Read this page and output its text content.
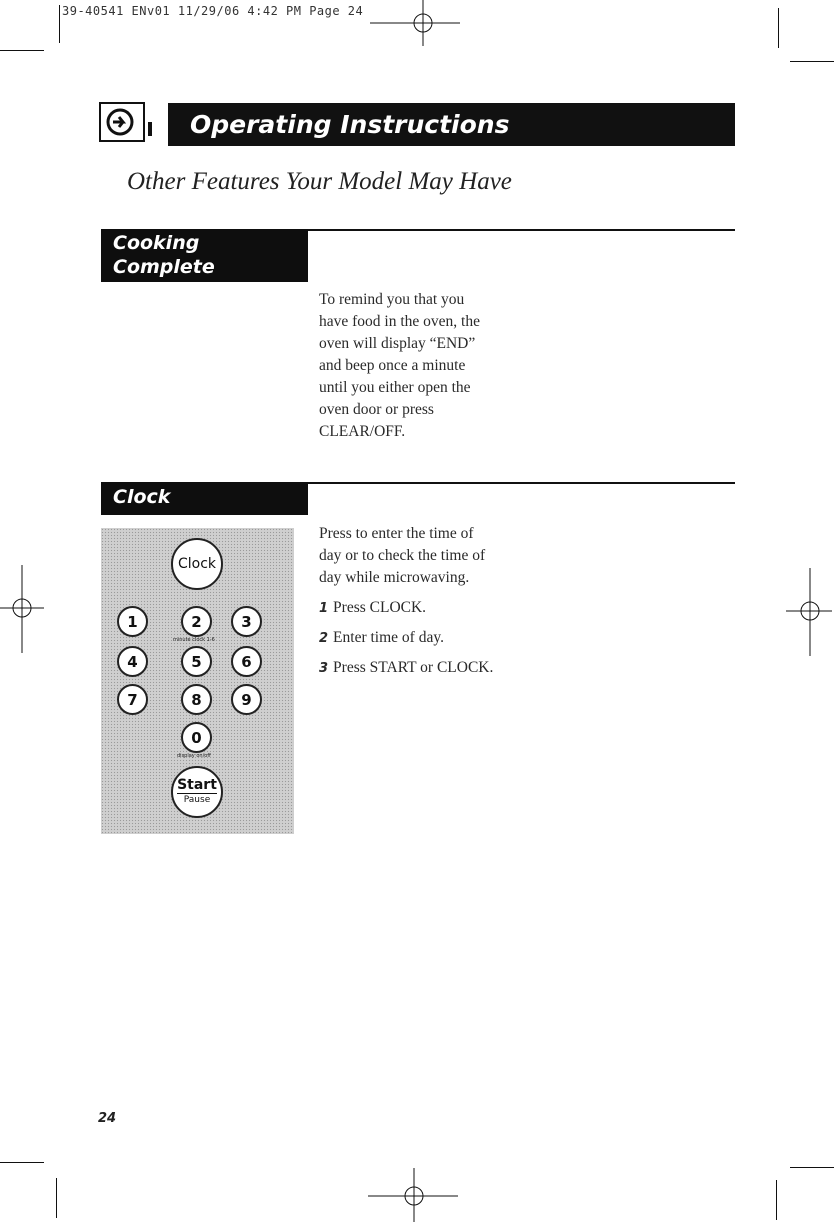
39-40541 ENv01 11/29/06 4:42 PM Page 24
Operating Instructions
Other Features Your Model May Have
Cooking Complete
Reminder	To remind you that you
have food in the oven, the
oven will display “END”
and beep once a minute
until you either open the
oven door or press
CLEAR/OFF.
Clock
Clock
1	2	3
minute clock 1-6
4	5	6
7	8	9
0
display on/off
Start
Pause
Press to enter the time of
day or to check the time of
day while microwaving.
1 Press CLOCK.
2 Enter time of day.
3 Press START or CLOCK.
24
